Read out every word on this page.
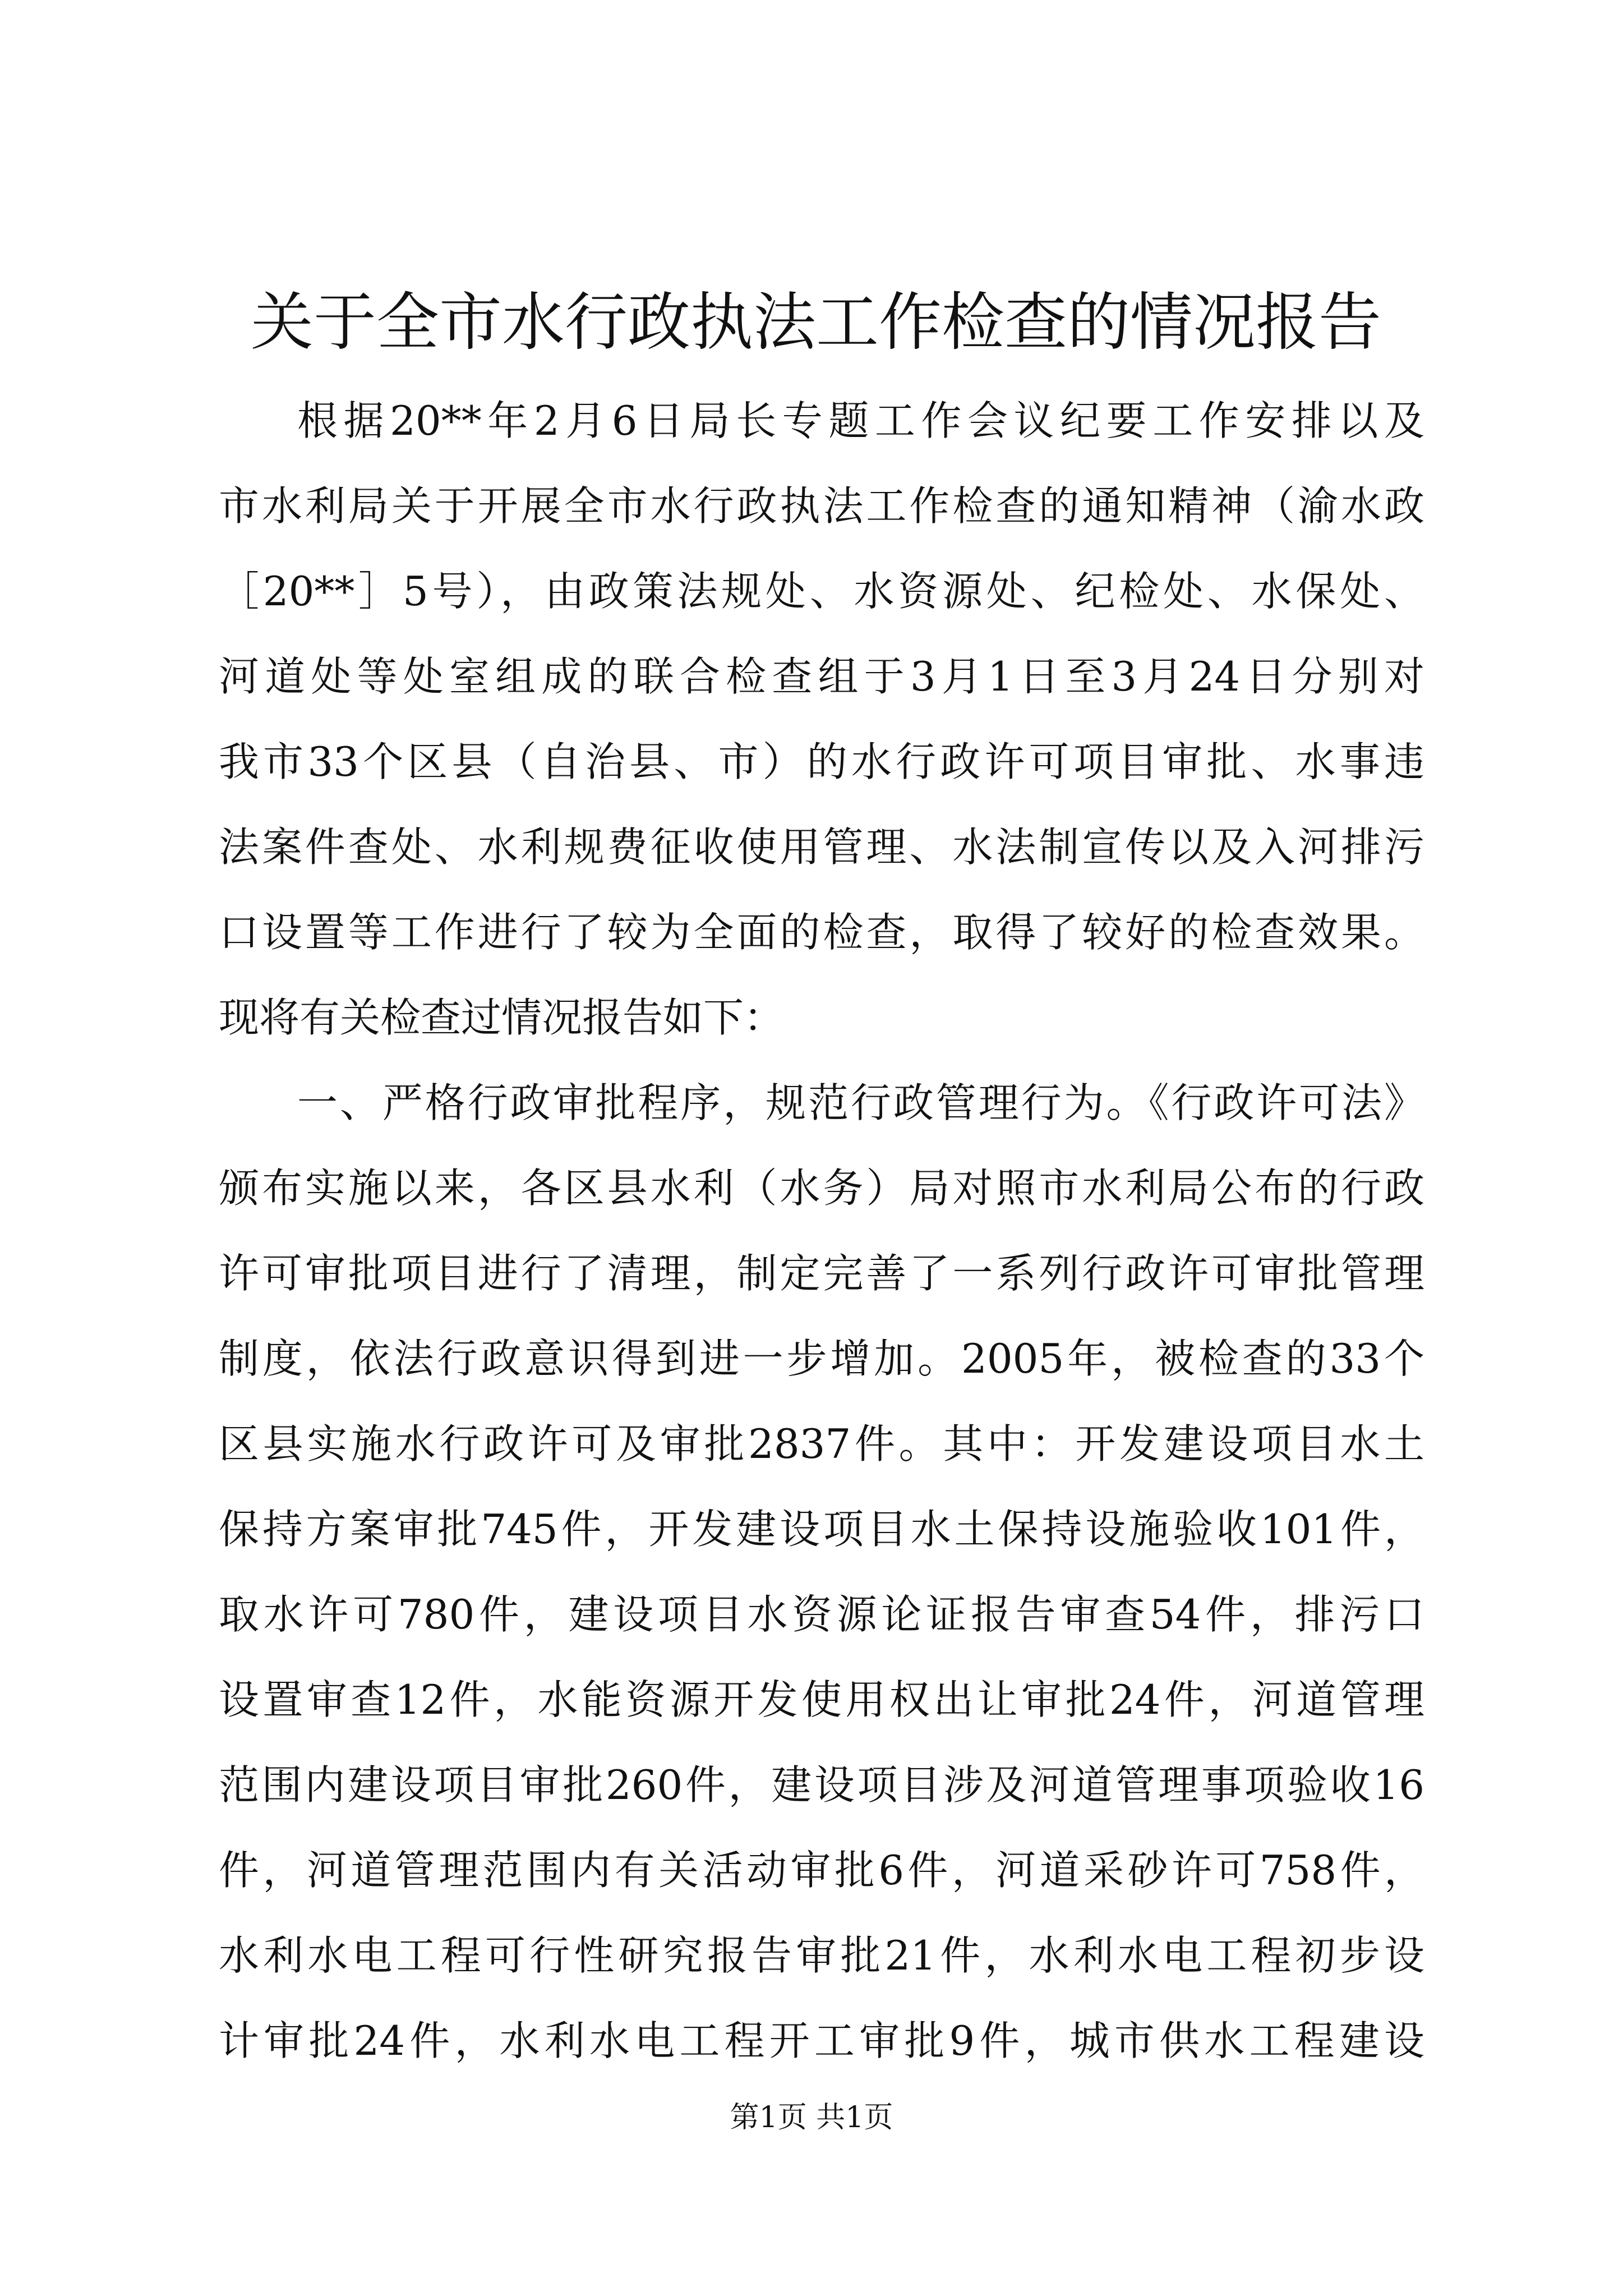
关于全市水行政执法工作检查的情况报告
根据20**年2月6日局长专题工作会议纪要工作安排以及
市水利局关于开展全市水行政执法工作检查的通知精神（渝水政
［20**］5号），由政策法规处、水资源处、纪检处、水保处、
河道处等处室组成的联合检查组于3月1日至3月24日分别对
我市33个区县（自治县、市）的水行政许可项目审批、水事违
法案件查处、水利规费征收使用管理、水法制宣传以及入河排污
口设置等工作进行了较为全面的检查，取得了较好的检查效果。
现将有关检查过情况报告如下：
一、严格行政审批程序，规范行政管理行为。《行政许可法》
颁布实施以来，各区县水利（水务）局对照市水利局公布的行政
许可审批项目进行了清理，制定完善了一系列行政许可审批管理
制度，依法行政意识得到进一步增加。2005年，被检查的33个
区县实施水行政许可及审批2837件。其中：开发建设项目水土
保持方案审批745件，开发建设项目水土保持设施验收101件，
取水许可780件，建设项目水资源论证报告审查54件，排污口
设置审查12件，水能资源开发使用权出让审批24件，河道管理
范围内建设项目审批260件，建设项目涉及河道管理事项验收16
件，河道管理范围内有关活动审批6件，河道采砂许可758件，
水利水电工程可行性研究报告审批21件，水利水电工程初步设
计审批24件，水利水电工程开工审批9件，城市供水工程建设
第1页 共1页
